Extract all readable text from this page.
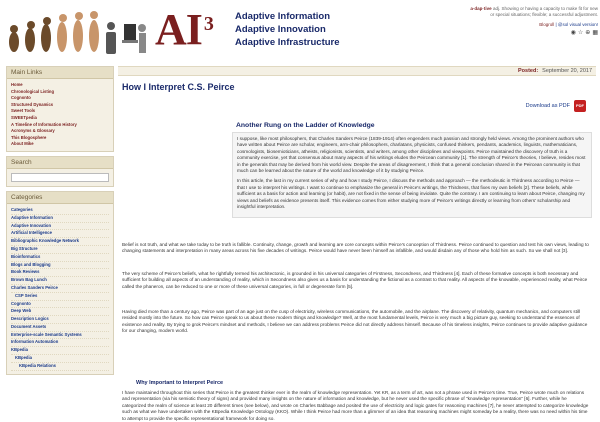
AI $^3$ Adaptive Information
Adaptive Innovation
Adaptive Infrastructure
a·dap·tive adj. Showing or having a capacity to make fit for new or special situations; flexible; a successful adjustment.
Blogroll | @sol visual version!
◉ ☆ ⊕ ▦
Main Links
Home
Chronological Listing
Cognonto
Structured Dynamics
Sweet Tools
SWEETpedia
A Timeline of Information History
Acronyms & Glossary
This Blogosphere
About Mike
Search
Categories
Categories
Adaptive Information
Adaptive Innovation
Artificial Intelligence
Bibliographic Knowledge Network
Big Structure
Bioinformatics
Blogs and Blogging
Book Reviews
Brown Bag Lunch
Charles Sanders Peirce
CSP Series
Cognonto
Deep Web
Description Logics
Document Assets
Enterprise-scale Semantic Systems
Information Automation
KBpedia
KBpedia
KBpedia Relations
Posted: September 20, 2017
How I Interpret C.S. Peirce
Download as PDF	PDF
Another Rung on the Ladder of Knowledge

I suppose, like most philosophers, that Charles Sanders Peirce (1839-1914) often engenders much passion and strongly held views. Among the prominent authors who have written about Peirce are scholar, engineers, arm-chair philosophers, charlatans, physicists, confused thinkers, pendants, academics, linguists, mathematicians, cosmologists, biosemioticians, atheists, religionists, scientists, and writers, among other disciplines and viewpoints. Peirce maintained the discovery of truth is a community exercise, yet that consensus about many aspects of his writings eludes the Peircean community [1]. The strength of Peirce's theories, I believe, resides most in the generals that may be derived from his world view. Despite the areas of disagreement, I think that a general conclusion shared in the Peircean community is that much can be learned about the nature of the world and knowledge of it by studying Peirce.

In this article, the last in my current series of why and how I study Peirce, I discuss the methods and approach — the methodeutic in Thirdness according to Peirce — that I use to interpret his writings. I want to continue to emphasize the general in Peirce's writings, the Thirdness, that fixes my own beliefs [2]. These beliefs, while sufficient as a basis for action and learning (or habit), are not fixed in the sense of being inviolate. Quite the contrary. I am continuing to learn about Peirce, changing my views and beliefs as evidence presents itself. This evidence comes from either studying more of Peirce's writings directly or learning from others' scholarship and insightful interpretation.

Belief is not truth, and what we take today to be truth is fallible. Continuity, change, growth and learning are core concepts within Peirce's conception of Thirdness. Peirce continued to question and test his own views, leading to changing statements and interpretation in many areas across his five decades of writings. Peirce would have never been himself as infallible, and would disdain any of those who hold him as such. So we shall not [3].
The very scheme of Peirce's beliefs, what he rightfully termed his architectonic, is grounded in his universal categories of Firstness, Secondness, and Thirdness [4]. Each of these formative concepts is both necessary and sufficient for building all aspects of an understanding of reality, which in Secondness also gives us a basis for understanding the fictional as a contrast to that reality. All aspects of the knowable, experienced reality, what Peirce called the phaneron, can be reduced to one or more of these universal categories, in full or degenerate form [5].
Having died more than a century ago, Peirce was part of an age just on the cusp of electricity, wireless communications, the automobile, and the airplane. The discovery of relativity, quantum mechanics, and computers still resided mostly into the future. So how can Peirce speak to us about these modern things and knowledge? Well, at the most fundamental levels, Peirce is very much a big picture guy, seeking to understand the essences of existence and reality. By trying to grok Peirce's mindset and methods, I believe we can address problems Peirce did not directly address himself. Because of his timeless insights, Peirce continues to provide adaptive guidance for our changing, modern world.
Why Important to Interpret Peirce
I have maintained throughout this series that Peirce is the greatest thinker ever in the realm of knowledge representation. Yet KR, as a term of art, was not a phrase used in Peirce's time. True, Peirce wrote much on relations and representation (via his semiotic theory of signs) and provided many insights on the nature of information and knowledge, but he never used the specific phrase of "knowledge representation" [6]. Further, while he categorized the realm of science at least 20 different times (see below), and wrote on Charles Babbage and posited the use of electricity and logic gates for reasoning machines [7], he never attempted to categorize knowledge such as what we have undertaken with the KBpedia Knowledge Ontology (KKO). While I think Peirce had more than a glimmer of an idea that reasoning machines might someday be a reality, there was no need within his time to attempt to provide the specific representational framework for doing so.
